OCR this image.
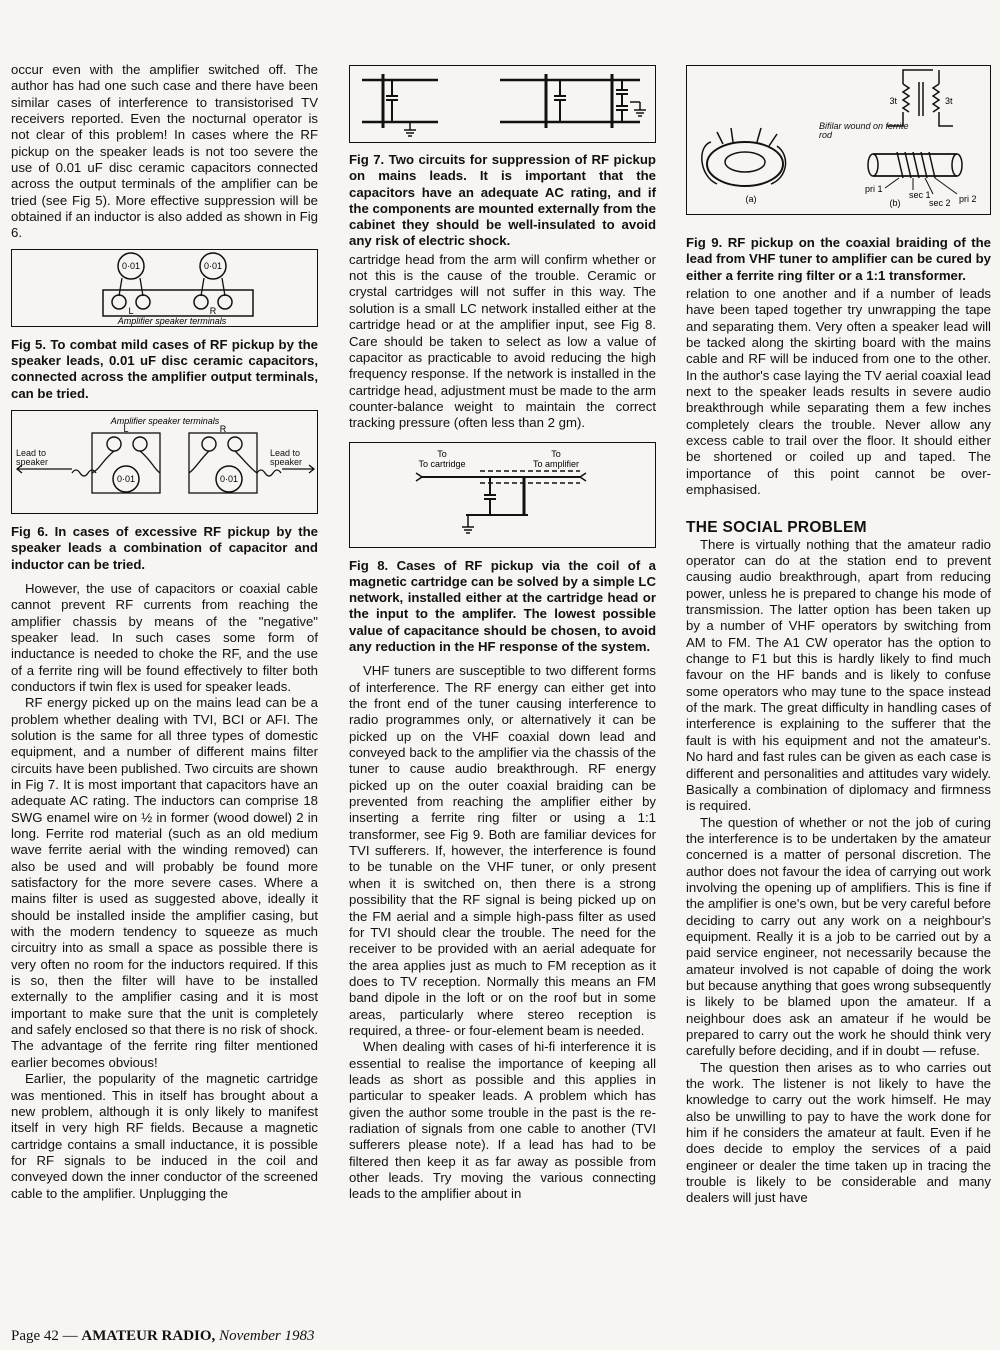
occur even with the amplifier switched off. The author has had one such case and there have been similar cases of interference to transistorised TV receivers reported. Even the nocturnal operator is not clear of this problem! In cases where the RF pickup on the speaker leads is not too severe the use of 0.01 uF disc ceramic capacitors connected across the output terminals of the amplifier can be tried (see Fig 5). More effective suppression will be obtained if an inductor is also added as shown in Fig 6.

0·01	0·01
L	R
Amplifier speaker terminals
Fig 5. To combat mild cases of RF pickup by the speaker leads, 0.01 uF disc ceramic capacitors, connected across the amplifier output terminals, can be tried.
Amplifier speaker terminals
L	R
0·01	0·01
Lead to speaker
Lead to speaker
Fig 6. In cases of excessive RF pickup by the speaker leads a combination of capacitor and inductor can be tried.

However, the use of capacitors or coaxial cable cannot prevent RF currents from reaching the amplifier chassis by means of the "negative" speaker lead. In such cases some form of inductance is needed to choke the RF, and the use of a ferrite ring will be found effectively to filter both conductors if twin flex is used for speaker leads.

RF energy picked up on the mains lead can be a problem whether dealing with TVI, BCI or AFI. The solution is the same for all three types of domestic equipment, and a number of different mains filter circuits have been published. Two circuits are shown in Fig 7. It is most important that capacitors have an adequate AC rating. The inductors can comprise 18 SWG enamel wire on ½ in former (wood dowel) 2 in long. Ferrite rod material (such as an old medium wave ferrite aerial with the winding removed) can also be used and will probably be found more satisfactory for the more severe cases. Where a mains filter is used as suggested above, ideally it should be installed inside the amplifier casing, but with the modern tendency to squeeze as much circuitry into as small a space as possible there is very often no room for the inductors required. If this is so, then the filter will have to be installed externally to the amplifier casing and it is most important to make sure that the unit is completely and safely enclosed so that there is no risk of shock. The advantage of the ferrite ring filter mentioned earlier becomes obvious!

Earlier, the popularity of the magnetic cartridge was mentioned. This in itself has brought about a new problem, although it is only likely to manifest itself in very high RF fields. Because a magnetic cartridge contains a small inductance, it is possible for RF signals to be induced in the coil and conveyed down the inner conductor of the screened cable to the amplifier. Unplugging the

Fig 7. Two circuits for suppression of RF pickup on mains leads. It is important that the capacitors have an adequate AC rating, and if the components are mounted externally from the cabinet they should be well-insulated to avoid any risk of electric shock.

cartridge head from the arm will confirm whether or not this is the cause of the trouble. Ceramic or crystal cartridges will not suffer in this way. The solution is a small LC network installed either at the cartridge head or at the amplifier input, see Fig 8. Care should be taken to select as low a value of capacitor as practicable to avoid reducing the high frequency response. If the network is installed in the cartridge head, adjustment must be made to the arm counter-balance weight to maintain the correct tracking pressure (often less than 2 gm).

To
To cartridge
To
To amplifier
Fig 8. Cases of RF pickup via the coil of a magnetic cartridge can be solved by a simple LC network, installed either at the cartridge head or the input to the amplifer. The lowest possible value of capacitance should be chosen, to avoid any reduction in the HF response of the system.

VHF tuners are susceptible to two different forms of interference. The RF energy can either get into the front end of the tuner causing interference to radio programmes only, or alternatively it can be picked up on the VHF coaxial down lead and conveyed back to the amplifier via the chassis of the tuner to cause audio breakthrough. RF energy picked up on the outer coaxial braiding can be prevented from reaching the amplifier either by inserting a ferrite ring filter or using a 1:1 transformer, see Fig 9. Both are familiar devices for TVI sufferers. If, however, the interference is found to be tunable on the VHF tuner, or only present when it is switched on, then there is a strong possibility that the RF signal is being picked up on the FM aerial and a simple high-pass filter as used for TVI should clear the trouble. The need for the receiver to be provided with an aerial adequate for the area applies just as much to FM reception as it does to TV reception. Normally this means an FM band dipole in the loft or on the roof but in some areas, particularly where stereo reception is required, a three- or four-element beam is needed.

When dealing with cases of hi-fi interference it is essential to realise the importance of keeping all leads as short as possible and this applies in particular to speaker leads. A problem which has given the author some trouble in the past is the re-radiation of signals from one cable to another (TVI sufferers please note). If a lead has had to be filtered then keep it as far away as possible from other leads. Try moving the various connecting leads to the amplifier about in

(a)
3t	3t
Bifilar wound on ferrite rod
pri 1
sec 1
sec 2 pri 2
(b)
Fig 9. RF pickup on the coaxial braiding of the lead from VHF tuner to amplifier can be cured by either a ferrite ring filter or a 1:1 transformer.

relation to one another and if a number of leads have been taped together try unwrapping the tape and separating them. Very often a speaker lead will be tacked along the skirting board with the mains cable and RF will be induced from one to the other. In the author's case laying the TV aerial coaxial lead next to the speaker leads results in severe audio breakthrough while separating them a few inches completely clears the trouble. Never allow any excess cable to trail over the floor. It should either be shortened or coiled up and taped. The importance of this point cannot be over-emphasised.

THE SOCIAL PROBLEM

There is virtually nothing that the amateur radio operator can do at the station end to prevent causing audio breakthrough, apart from reducing power, unless he is prepared to change his mode of transmission. The latter option has been taken up by a number of VHF operators by switching from AM to FM. The A1 CW operator has the option to change to F1 but this is hardly likely to find much favour on the HF bands and is likely to confuse some operators who may tune to the space instead of the mark. The great difficulty in handling cases of interference is explaining to the sufferer that the fault is with his equipment and not the amateur's. No hard and fast rules can be given as each case is different and personalities and attitudes vary widely. Basically a combination of diplomacy and firmness is required.

The question of whether or not the job of curing the interference is to be undertaken by the amateur concerned is a matter of personal discretion. The author does not favour the idea of carrying out work involving the opening up of amplifiers. This is fine if the amplifier is one's own, but be very careful before deciding to carry out any work on a neighbour's equipment. Really it is a job to be carried out by a paid service engineer, not necessarily because the amateur involved is not capable of doing the work but because anything that goes wrong subsequently is likely to be blamed upon the amateur. If a neighbour does ask an amateur if he would be prepared to carry out the work he should think very carefully before deciding, and if in doubt — refuse.

The question then arises as to who carries out the work. The listener is not likely to have the knowledge to carry out the work himself. He may also be unwilling to pay to have the work done for him if he considers the amateur at fault. Even if he does decide to employ the services of a paid engineer or dealer the time taken up in tracing the trouble is likely to be considerable and many dealers will just have

Page 42 — AMATEUR RADIO, November 1983
